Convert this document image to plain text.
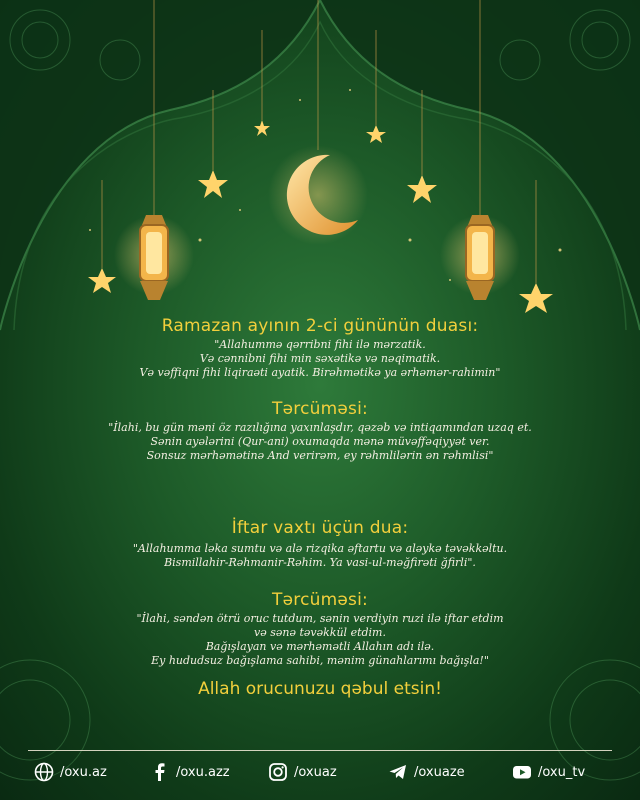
Ramazan ayının 2-ci gününün duası:
"Allahummə qərribni fihi ilə mərzatik.
Və cənnibni fihi min səxətikə və nəqimatik.
Və vəffiqni fihi liqiraəti ayatik. Birəhmətikə ya ərhəmər-rahimin"
Tərcüməsi:
"İlahi, bu gün məni öz razılığına yaxınlaşdır, qəzəb və intiqamından uzaq et.
Sənin ayələrini (Qur-ani) oxumaqda mənə müvəffəqiyyət ver.
Sonsuz mərhəmətinə And verirəm, ey rəhmlilərin ən rəhmlisi"
İftar vaxtı üçün dua:
"Allahumma ləka sumtu və alə rizqika əftartu və aləykə təvəkkəltu.
Bismillahir-Rəhmanir-Rəhim. Ya vasi-ul-məğfirəti ğfirli".
Tərcüməsi:
"İlahi, səndən ötrü oruc tutdum, sənin verdiyin ruzi ilə iftar etdim
və sənə təvəkkül etdim.
Bağışlayan və mərhəmətli Allahın adı ilə.
Ey hududsuz bağışlama sahibi, mənim günahlarımı bağışla!"
Allah orucunuzu qəbul etsin!
/oxu.az	/oxu.azz	/oxuaz	/oxuaze	/oxu_tv
